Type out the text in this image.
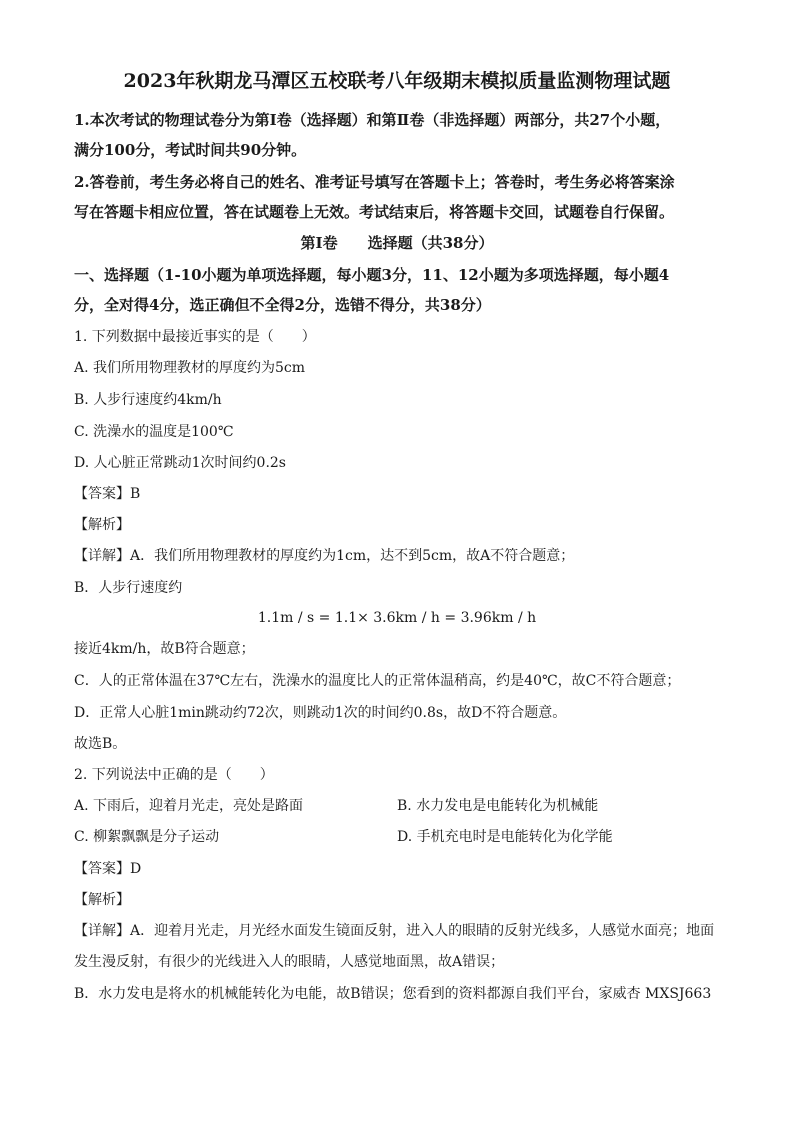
2023年秋期龙马潭区五校联考八年级期末模拟质量监测物理试题
1.本次考试的物理试卷分为第Ⅰ卷（选择题）和第Ⅱ卷（非选择题）两部分，共27个小题，
满分100分，考试时间共90分钟。
2.答卷前，考生务必将自己的姓名、准考证号填写在答题卡上；答卷时，考生务必将答案涂
写在答题卡相应位置，答在试题卷上无效。考试结束后，将答题卡交回，试题卷自行保留。
第Ⅰ卷　　选择题（共38分）
一、选择题（1-10小题为单项选择题，每小题3分，11、12小题为多项选择题，每小题4
分，全对得4分，选正确但不全得2分，选错不得分，共38分）
1. 下列数据中最接近事实的是（　　）
A. 我们所用物理教材的厚度约为5cm
B. 人步行速度约4km/h
C. 洗澡水的温度是100℃
D. 人心脏正常跳动1次时间约0.2s
【答案】B
【解析】
【详解】A．我们所用物理教材的厚度约为1cm，达不到5cm，故A不符合题意；
B．人步行速度约
1.1m / s = 1.1× 3.6km / h = 3.96km / h
接近4km/h，故B符合题意；
C．人的正常体温在37℃左右，洗澡水的温度比人的正常体温稍高，约是40℃，故C不符合题意；
D．正常人心脏1min跳动约72次，则跳动1次的时间约0.8s，故D不符合题意。
故选B。
2. 下列说法中正确的是（　　）
A. 下雨后，迎着月光走，亮处是路面	B. 水力发电是电能转化为机械能
C. 柳絮飘飘是分子运动	D. 手机充电时是电能转化为化学能
【答案】D
【解析】
【详解】A．迎着月光走，月光经水面发生镜面反射，进入人的眼睛的反射光线多，人感觉水面亮；地面
发生漫反射，有很少的光线进入人的眼睛，人感觉地面黑，故A错误；
B．水力发电是将水的机械能转化为电能，故B错误；您看到的资料都源自我们平台，家威杏 MXSJ663
